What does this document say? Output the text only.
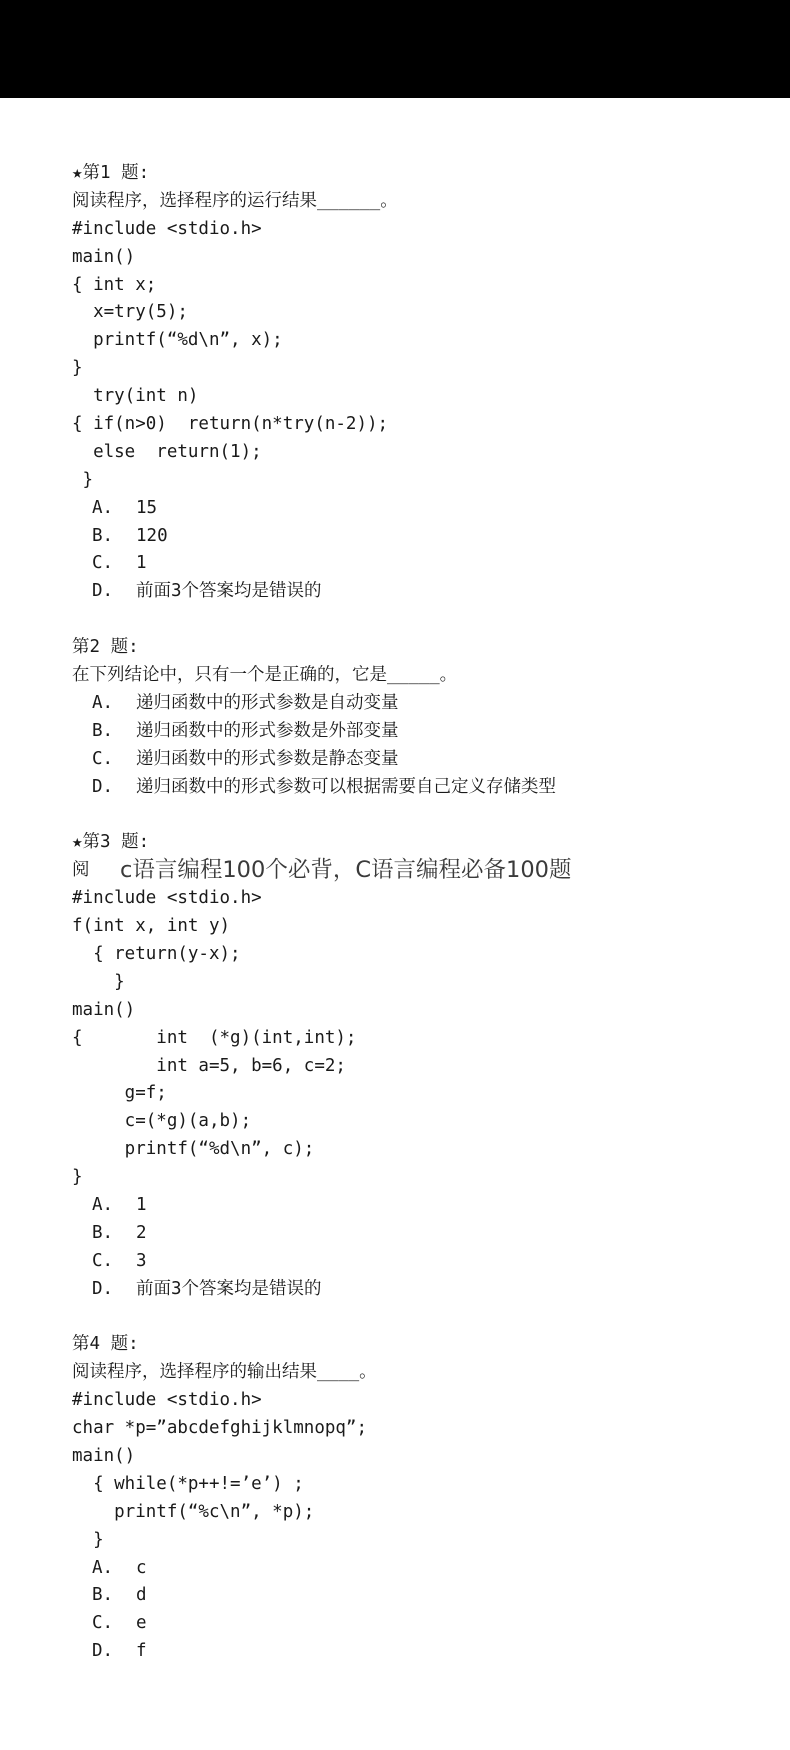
★第1 题:
阅读程序，选择程序的运行结果______。
#include <stdio.h>
main()
{ int x;
x=try(5);
printf(“%d\n”, x);
}
try(int n)
{ if(n>0)  return(n*try(n-2));
else  return(1);
}
A. 15
B. 120
C. 1
D. 前面3个答案均是错误的
第2 题:
在下列结论中，只有一个是正确的，它是_____。
A. 递归函数中的形式参数是自动变量
B. 递归函数中的形式参数是外部变量
C. 递归函数中的形式参数是静态变量
D. 递归函数中的形式参数可以根据需要自己定义存储类型
★第3 题:
阅
#include <stdio.h>
f(int x, int y)
{ return(y-x);
}
main()
{       int  (*g)(int,int);
int a=5, b=6, c=2;
g=f;
c=(*g)(a,b);
printf(“%d\n”, c);
}
A. 1
B. 2
C. 3
D. 前面3个答案均是错误的
第4 题:
阅读程序，选择程序的输出结果____。
#include <stdio.h>
char *p=”abcdefghijklmnopq”;
main()
{ while(*p++!=’e’) ;
printf(“%c\n”, *p);
}
A. c
B. d
C. e
D. f
c语言编程100个必背，C语言编程必备100题
